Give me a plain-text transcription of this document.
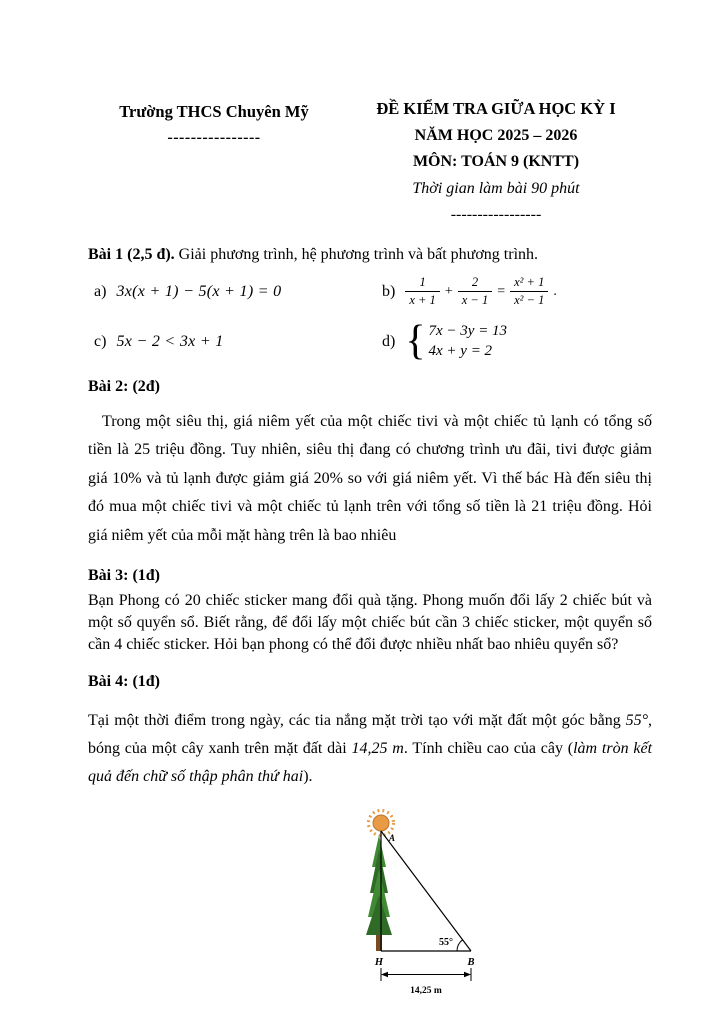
Trường THCS Chuyên Mỹ
----------------
ĐỀ KIỂM TRA GIỮA HỌC KỲ I
NĂM HỌC 2025 – 2026
MÔN: TOÁN 9 (KNTT)
Thời gian làm bài 90 phút
-----------------
Bài 1 (2,5 đ). Giải phương trình, hệ phương trình và bất phương trình.
a) 3x(x + 1) − 5(x + 1) = 0	$b) \frac{1}{x + 1} + \frac{2}{x - 1} = \frac{\text{x² + 1}}{\text{x² − 1}}$ .
c) 5x − 2 < 3x + 1	d) { 7x − 3y = 13
4x + y = 2
Bài 2: (2đ)
Trong một siêu thị, giá niêm yết của một chiếc tivi và một chiếc tủ lạnh có tổng số tiền là 25 triệu đồng. Tuy nhiên, siêu thị đang có chương trình ưu đãi, tivi được giảm giá 10% và tủ lạnh được giảm giá 20% so với giá niêm yết. Vì thế bác Hà đến siêu thị đó mua một chiếc tivi và một chiếc tủ lạnh trên với tổng số tiền là 21 triệu đồng. Hỏi giá niêm yết của mỗi mặt hàng trên là bao nhiêu
Bài 3: (1đ)
Bạn Phong có 20 chiếc sticker mang đổi quà tặng. Phong muốn đổi lấy 2 chiếc bút và một số quyển sổ. Biết rằng, để đổi lấy một chiếc bút cần 3 chiếc sticker, một quyển sổ cần 4 chiếc sticker. Hỏi bạn phong có thể đổi được nhiều nhất bao nhiêu quyển sổ?
Bài 4: (1đ)
Tại một thời điểm trong ngày, các tia nắng mặt trời tạo với mặt đất một góc bằng 55°, bóng của một cây xanh trên mặt đất dài 14,25 m. Tính chiều cao của cây (làm tròn kết quả đến chữ số thập phân thứ hai).
A
55°
H	B
14,25 m
